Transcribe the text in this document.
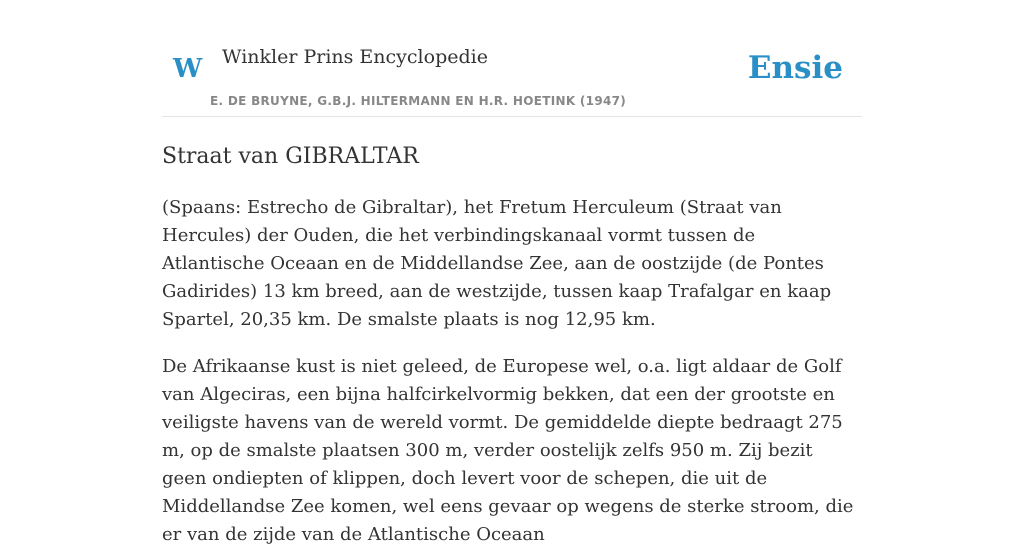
W Winkler Prins Encyclopedie
E. DE BRUYNE, G.B.J. HILTERMANN EN H.R. HOETINK (1947)
Ensie
Straat van GIBRALTAR

(Spaans: Estrecho de Gibraltar), het Fretum Herculeum (Straat van Hercules) der Ouden, die het verbindingskanaal vormt tussen de Atlantische Oceaan en de Middellandse Zee, aan de oostzijde (de Pontes Gadirides) 13 km breed, aan de westzijde, tussen kaap Trafalgar en kaap Spartel, 20,35 km. De smalste plaats is nog 12,95 km.

De Afrikaanse kust is niet geleed, de Europese wel, o.a. ligt aldaar de Golf van Algeciras, een bijna halfcirkelvormig bekken, dat een der grootste en veiligste havens van de wereld vormt. De gemiddelde diepte bedraagt 275 m, op de smalste plaatsen 300 m, verder oostelijk zelfs 950 m. Zij bezit geen ondiepten of klippen, doch levert voor de schepen, die uit de Middellandse Zee komen, wel eens gevaar op wegens de sterke stroom, die er van de zijde van de Atlantische Oceaan
